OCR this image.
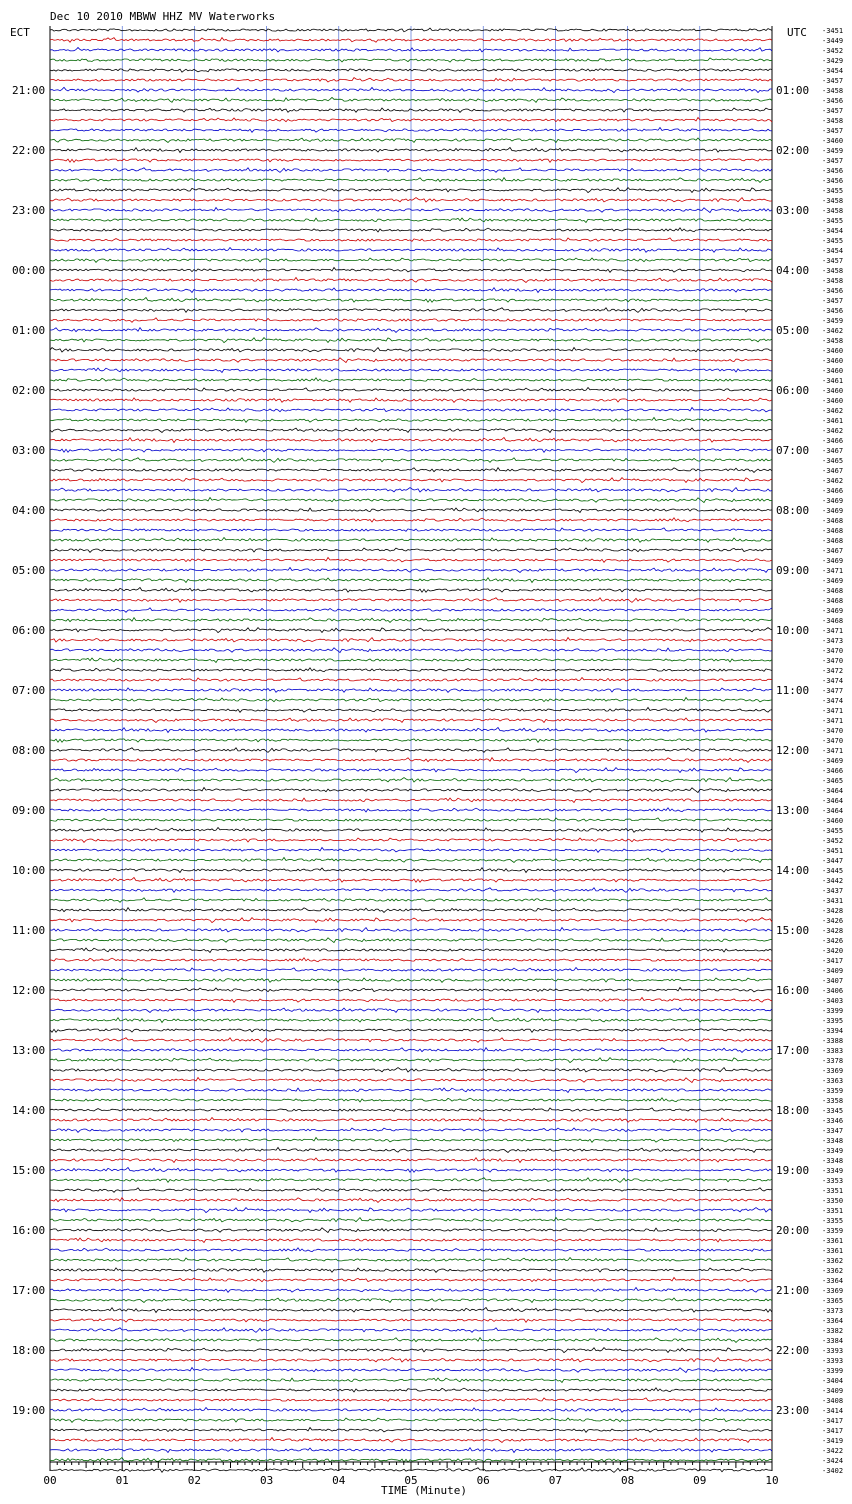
Dec 10 2010 MBWW HHZ MV Waterworks
ECT	UTC
00	01	02	03	04	05	06	07	08	09	10
21:00
22:00
23:00
00:00
01:00
02:00
03:00
04:00
05:00
06:00
07:00
08:00
09:00
10:00
11:00
12:00
13:00
14:00
15:00
16:00
17:00
18:00
19:00
01:00
02:00
03:00
04:00
05:00
06:00
07:00
08:00
09:00
10:00
11:00
12:00
13:00
14:00
15:00
16:00
17:00
18:00
19:00
20:00
21:00
22:00
23:00
-3451
-3449
-3452
-3429
-3454
-3457
-3458
-3456
-3457
-3458
-3457
-3460
-3459
-3457
-3456
-3456
-3455
-3458
-3458
-3455
-3454
-3455
-3454
-3457
-3458
-3458
-3456
-3457
-3456
-3459
-3462
-3458
-3460
-3460
-3460
-3461
-3460
-3460
-3462
-3461
-3462
-3466
-3467
-3465
-3467
-3462
-3466
-3469
-3469
-3468
-3468
-3468
-3467
-3469
-3471
-3469
-3468
-3468
-3469
-3468
-3471
-3473
-3470
-3470
-3472
-3474
-3477
-3474
-3471
-3471
-3470
-3470
-3471
-3469
-3466
-3465
-3464
-3464
-3464
-3460
-3455
-3452
-3451
-3447
-3445
-3442
-3437
-3431
-3428
-3426
-3428
-3426
-3420
-3417
-3409
-3407
-3406
-3403
-3399
-3395
-3394
-3388
-3383
-3378
-3369
-3363
-3359
-3358
-3345
-3346
-3347
-3348
-3349
-3348
-3349
-3353
-3351
-3350
-3351
-3355
-3359
-3361
-3361
-3362
-3362
-3364
-3369
-3365
-3373
-3364
-3382
-3384
-3393
-3393
-3399
-3404
-3409
-3408
-3414
-3417
-3417
-3419
-3422
-3424
-3402
TIME (Minute)
